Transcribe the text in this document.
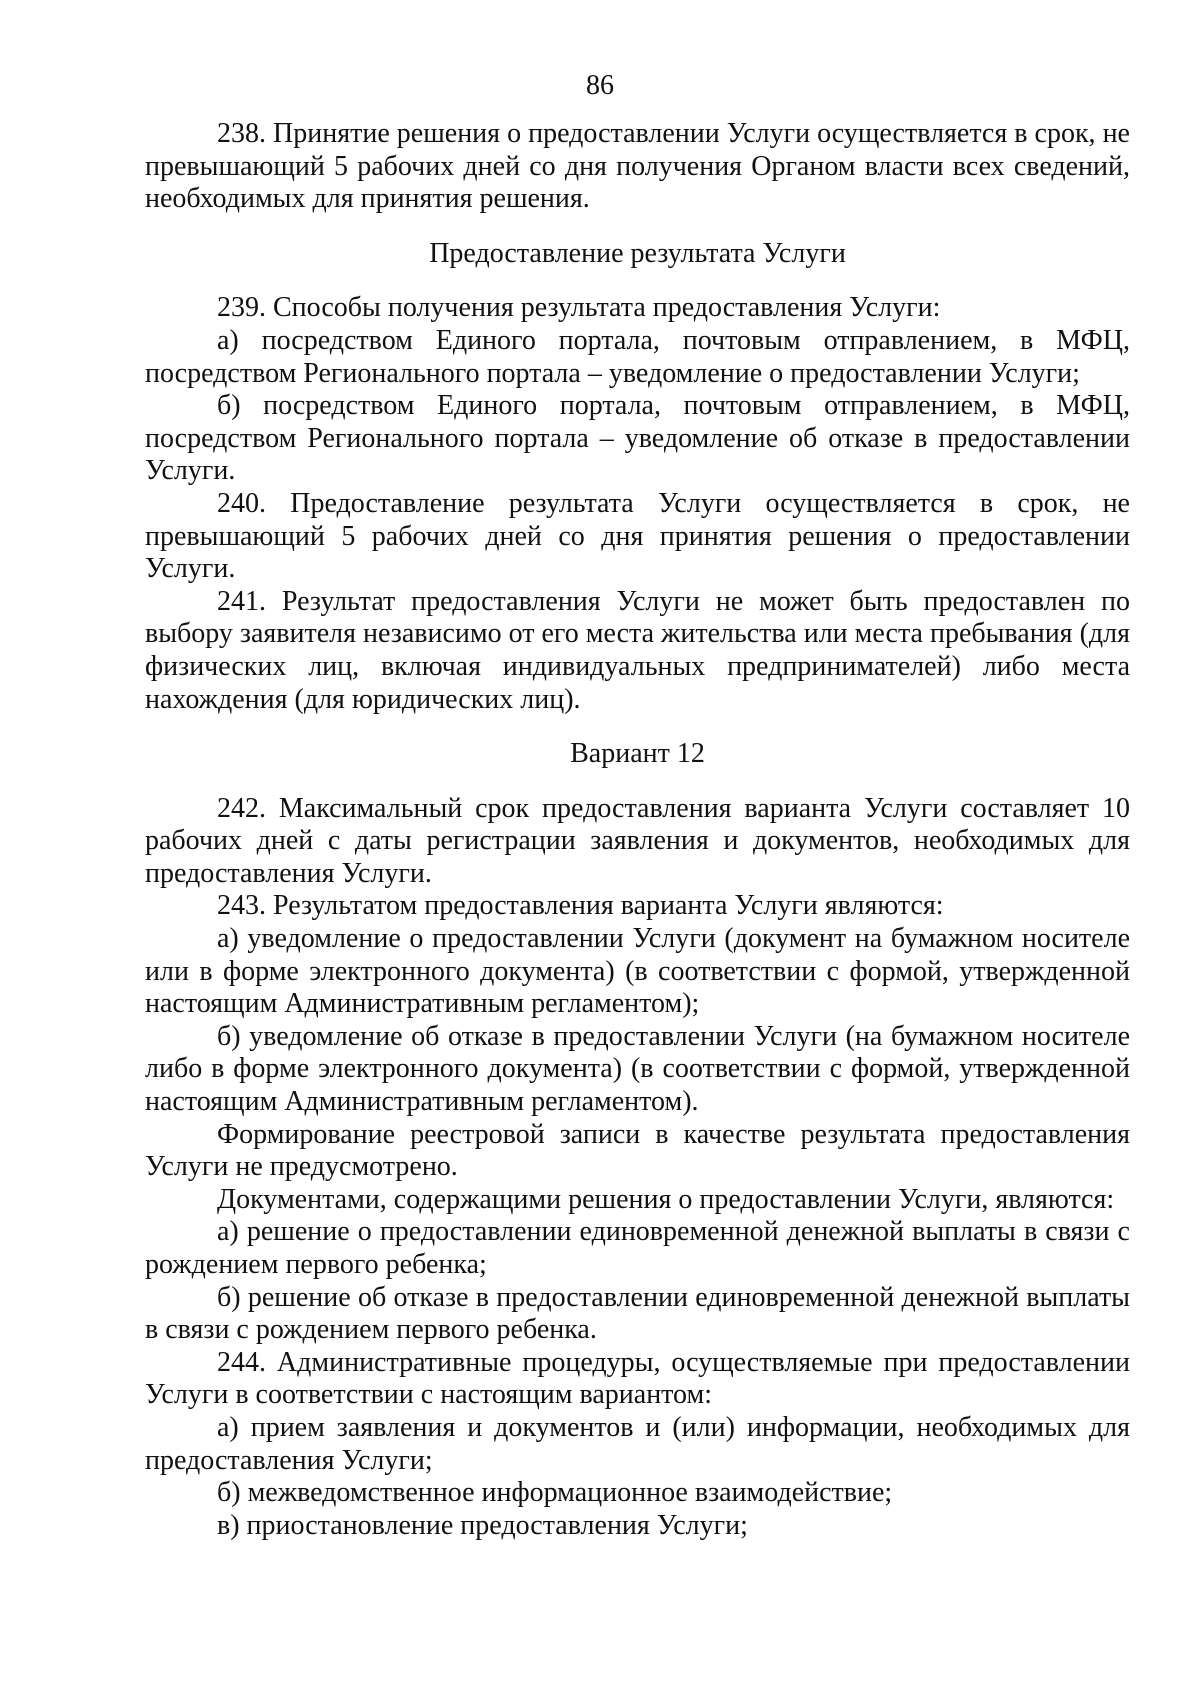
86

238. Принятие решения о предоставлении Услуги осуществляется в срок, не превышающий 5 рабочих дней со дня получения Органом власти всех сведений, необходимых для принятия решения.

Предоставление результата Услуги

239. Способы получения результата предоставления Услуги:

а) посредством Единого портала, почтовым отправлением, в МФЦ, посредством Регионального портала – уведомление о предоставлении Услуги;

б) посредством Единого портала, почтовым отправлением, в МФЦ, посредством Регионального портала – уведомление об отказе в предоставлении Услуги.

240. Предоставление результата Услуги осуществляется в срок, не превышающий 5 рабочих дней со дня принятия решения о предоставлении Услуги.

241. Результат предоставления Услуги не может быть предоставлен по выбору заявителя независимо от его места жительства или места пребывания (для физических лиц, включая индивидуальных предпринимателей) либо места нахождения (для юридических лиц).

Вариант 12

242. Максимальный срок предоставления варианта Услуги составляет 10 рабочих дней с даты регистрации заявления и документов, необходимых для предоставления Услуги.

243. Результатом предоставления варианта Услуги являются:

а) уведомление о предоставлении Услуги (документ на бумажном носителе или в форме электронного документа) (в соответствии с формой, утвержденной настоящим Административным регламентом);

б) уведомление об отказе в предоставлении Услуги (на бумажном носителе либо в форме электронного документа) (в соответствии с формой, утвержденной настоящим Административным регламентом).

Формирование реестровой записи в качестве результата предоставления Услуги не предусмотрено.

Документами, содержащими решения о предоставлении Услуги, являются:

а) решение о предоставлении единовременной денежной выплаты в связи с рождением первого ребенка;

б) решение об отказе в предоставлении единовременной денежной выплаты в связи с рождением первого ребенка.

244. Административные процедуры, осуществляемые при предоставлении Услуги в соответствии с настоящим вариантом:

а) прием заявления и документов и (или) информации, необходимых для предоставления Услуги;

б) межведомственное информационное взаимодействие;

в) приостановление предоставления Услуги;
